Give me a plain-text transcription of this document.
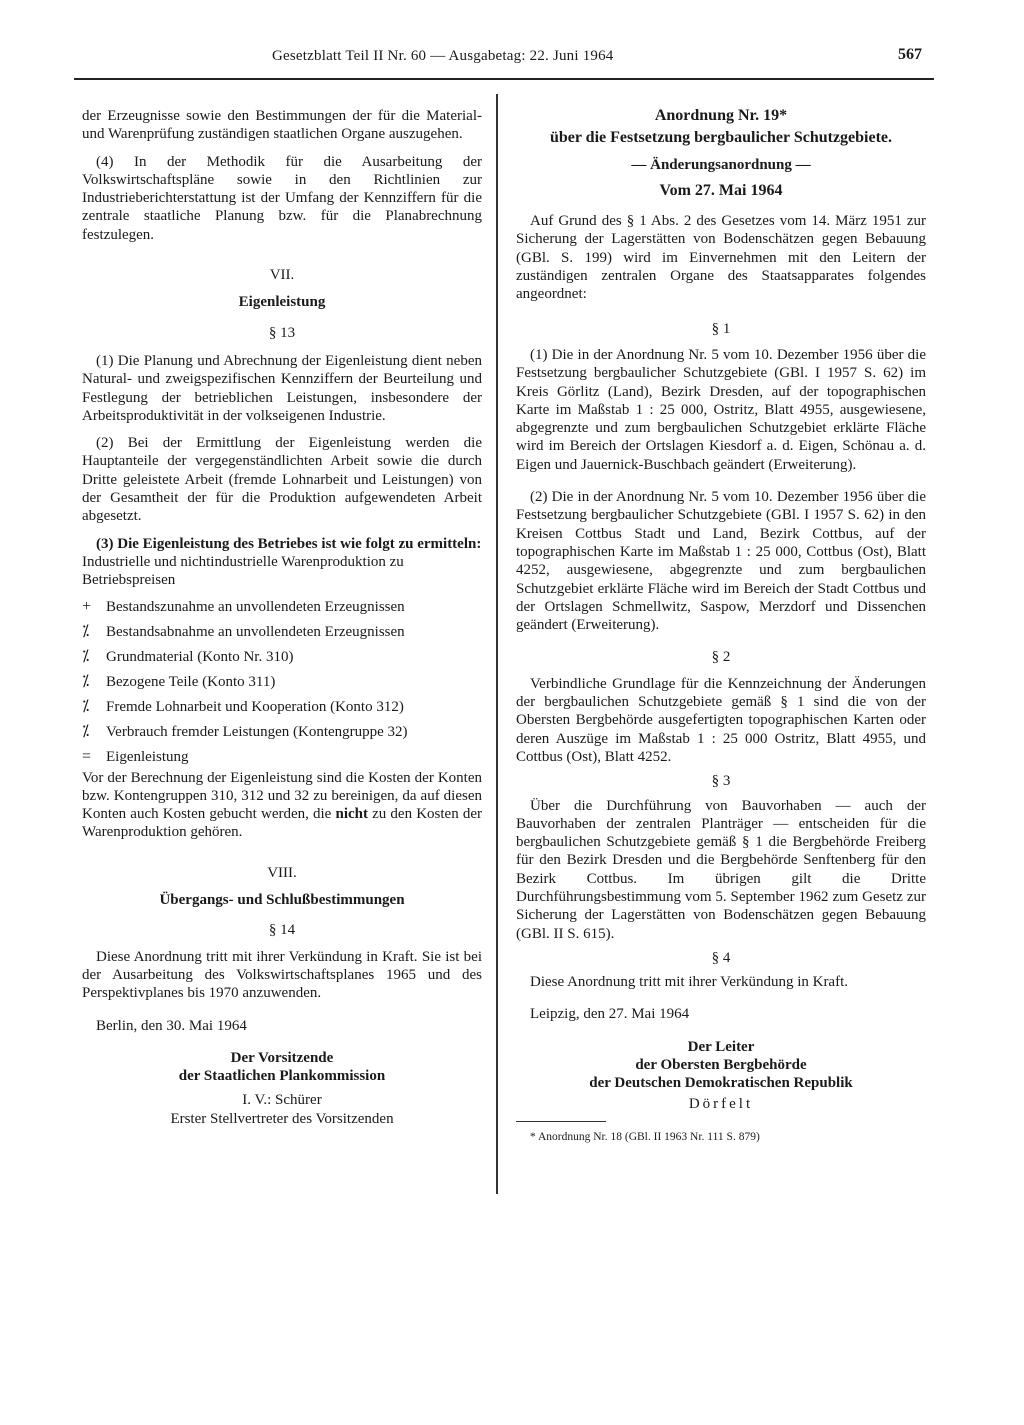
Gesetzblatt Teil II Nr. 60 — Ausgabetag: 22. Juni 1964	567

der Erzeugnisse sowie den Bestimmungen der für die Material- und Warenprüfung zuständigen staatlichen Organe auszugehen.

(4) In der Methodik für die Ausarbeitung der Volkswirtschaftspläne sowie in den Richtlinien zur Industrieberichterstattung ist der Umfang der Kennziffern für die zentrale staatliche Planung bzw. für die Planabrechnung festzulegen.

VII.

Eigenleistung

§ 13

(1) Die Planung und Abrechnung der Eigenleistung dient neben Natural- und zweigspezifischen Kennziffern der Beurteilung und Festlegung der betrieblichen Leistungen, insbesondere der Arbeitsproduktivität in der volkseigenen Industrie.

(2) Bei der Ermittlung der Eigenleistung werden die Hauptanteile der vergegenständlichten Arbeit sowie die durch Dritte geleistete Arbeit (fremde Lohnarbeit und Leistungen) von der Gesamtheit der für die Produktion aufgewendeten Arbeit abgesetzt.

(3) Die Eigenleistung des Betriebes ist wie folgt zu ermitteln:

Industrielle und nichtindustrielle Warenproduktion zu Betriebspreisen

+ Bestandszunahme an unvollendeten Erzeugnissen
⁒	Bestandsabnahme an unvollendeten Erzeugnissen
⁒	Grundmaterial (Konto Nr. 310)
⁒	Bezogene Teile (Konto 311)
⁒	Fremde Lohnarbeit und Kooperation (Konto 312)
⁒	Verbrauch fremder Leistungen (Kontengruppe 32)
= Eigenleistung

Vor der Berechnung der Eigenleistung sind die Kosten der Konten bzw. Kontengruppen 310, 312 und 32 zu bereinigen, da auf diesen Konten auch Kosten gebucht werden, die nicht zu den Kosten der Warenproduktion gehören.

VIII.

Übergangs- und Schlußbestimmungen

§ 14

Diese Anordnung tritt mit ihrer Verkündung in Kraft. Sie ist bei der Ausarbeitung des Volkswirtschaftsplanes 1965 und des Perspektivplanes bis 1970 anzuwenden.

Berlin, den 30. Mai 1964

Der Vorsitzende

der Staatlichen Plankommission

I. V.: Schürer

Erster Stellvertreter des Vorsitzenden

Anordnung Nr. 19*

über die Festsetzung bergbaulicher Schutzgebiete.

— Änderungsanordnung —

Vom 27. Mai 1964

Auf Grund des § 1 Abs. 2 des Gesetzes vom 14. März 1951 zur Sicherung der Lagerstätten von Bodenschätzen gegen Bebauung (GBl. S. 199) wird im Einvernehmen mit den Leitern der zuständigen zentralen Organe des Staatsapparates folgendes angeordnet:

§ 1

(1) Die in der Anordnung Nr. 5 vom 10. Dezember 1956 über die Festsetzung bergbaulicher Schutzgebiete (GBl. I 1957 S. 62) im Kreis Görlitz (Land), Bezirk Dresden, auf der topographischen Karte im Maßstab 1 : 25 000, Ostritz, Blatt 4955, ausgewiesene, abgegrenzte und zum bergbaulichen Schutzgebiet erklärte Fläche wird im Bereich der Ortslagen Kiesdorf a. d. Eigen, Schönau a. d. Eigen und Jauernick-Buschbach geändert (Erweiterung).

(2) Die in der Anordnung Nr. 5 vom 10. Dezember 1956 über die Festsetzung bergbaulicher Schutzgebiete (GBl. I 1957 S. 62) in den Kreisen Cottbus Stadt und Land, Bezirk Cottbus, auf der topographischen Karte im Maßstab 1 : 25 000, Cottbus (Ost), Blatt 4252, ausgewiesene, abgegrenzte und zum bergbaulichen Schutzgebiet erklärte Fläche wird im Bereich der Stadt Cottbus und der Ortslagen Schmellwitz, Saspow, Merzdorf und Dissenchen geändert (Erweiterung).

§ 2

Verbindliche Grundlage für die Kennzeichnung der Änderungen der bergbaulichen Schutzgebiete gemäß § 1 sind die von der Obersten Bergbehörde ausgefertigten topographischen Karten oder deren Auszüge im Maßstab 1 : 25 000 Ostritz, Blatt 4955, und Cottbus (Ost), Blatt 4252.

§ 3

Über die Durchführung von Bauvorhaben — auch der Bauvorhaben der zentralen Planträger — entscheiden für die bergbaulichen Schutzgebiete gemäß § 1 die Bergbehörde Freiberg für den Bezirk Dresden und die Bergbehörde Senftenberg für den Bezirk Cottbus. Im übrigen gilt die Dritte Durchführungsbestimmung vom 5. September 1962 zum Gesetz zur Sicherung der Lagerstätten von Bodenschätzen gegen Bebauung (GBl. II S. 615).

§ 4

Diese Anordnung tritt mit ihrer Verkündung in Kraft.

Leipzig, den 27. Mai 1964

Der Leiter

der Obersten Bergbehörde

der Deutschen Demokratischen Republik

Dörfelt

* Anordnung Nr. 18 (GBl. II 1963 Nr. 111 S. 879)
